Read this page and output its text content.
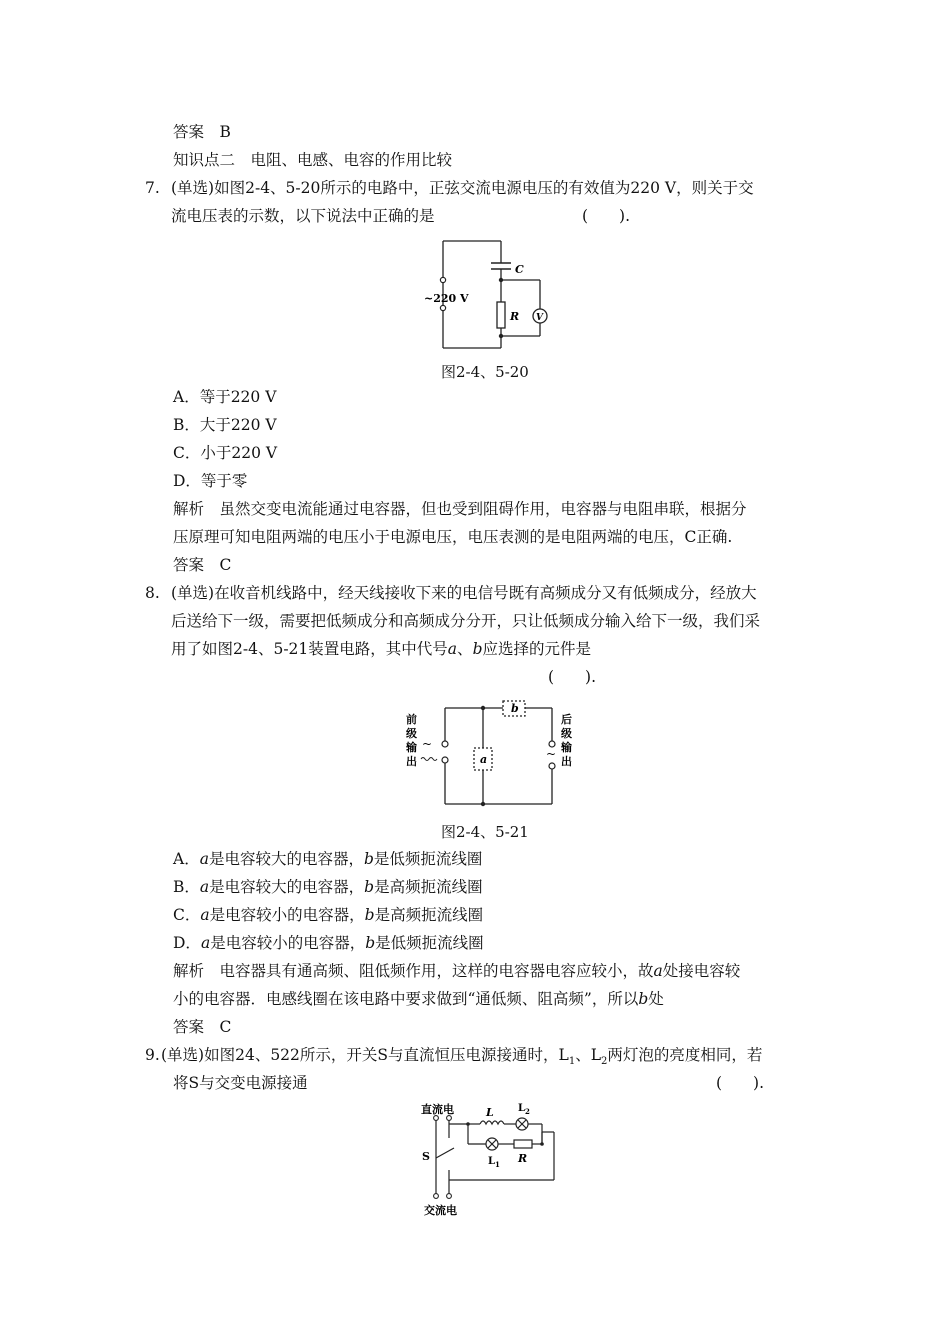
答案　B
知识点二　电阻、电感、电容的作用比较
7. (单选)如图2-4、5-20所示的电路中，正弦交流电源电压的有效值为220 V，则关于交
流电压表的示数，以下说法中正确的是	(　　).
~220 V
C
R V
图2-4、5-20
A．等于220 V
B．大于220 V
C．小于220 V
D．等于零
解析　虽然交变电流能通过电容器，但也受到阻碍作用，电容器与电阻串联，根据分
压原理可知电阻两端的电压小于电源电压，电压表测的是电阻两端的电压，C正确.
答案　C
8. (单选)在收音机线路中，经天线接收下来的电信号既有高频成分又有低频成分，经放大
后送给下一级，需要把低频成分和高频成分分开，只让低频成分输入给下一级，我们采
用了如图2-4、5-21装置电路，其中代号a、b应选择的元件是
(　　).
前
级
输
出
~
后
级
输
出
~
a
b
图2-4、5-21
A．a是电容较大的电容器，b是低频扼流线圈
B．a是电容较大的电容器，b是高频扼流线圈
C．a是电容较小的电容器，b是高频扼流线圈
D．a是电容较小的电容器，b是低频扼流线圈
解析　电容器具有通高频、阻低频作用，这样的电容器电容应较小，故a处接电容较
小的电容器．电感线圈在该电路中要求做到“通低频、阻高频”，所以b处
答案　C
9. (单选)如图24、522所示，开关S与直流恒压电源接通时，$L_1$、$L_2$两灯泡的亮度相同，若
将S与交变电源接通	(　　).
直流电
交流电
S
L $L_2$
$L_1$ R
